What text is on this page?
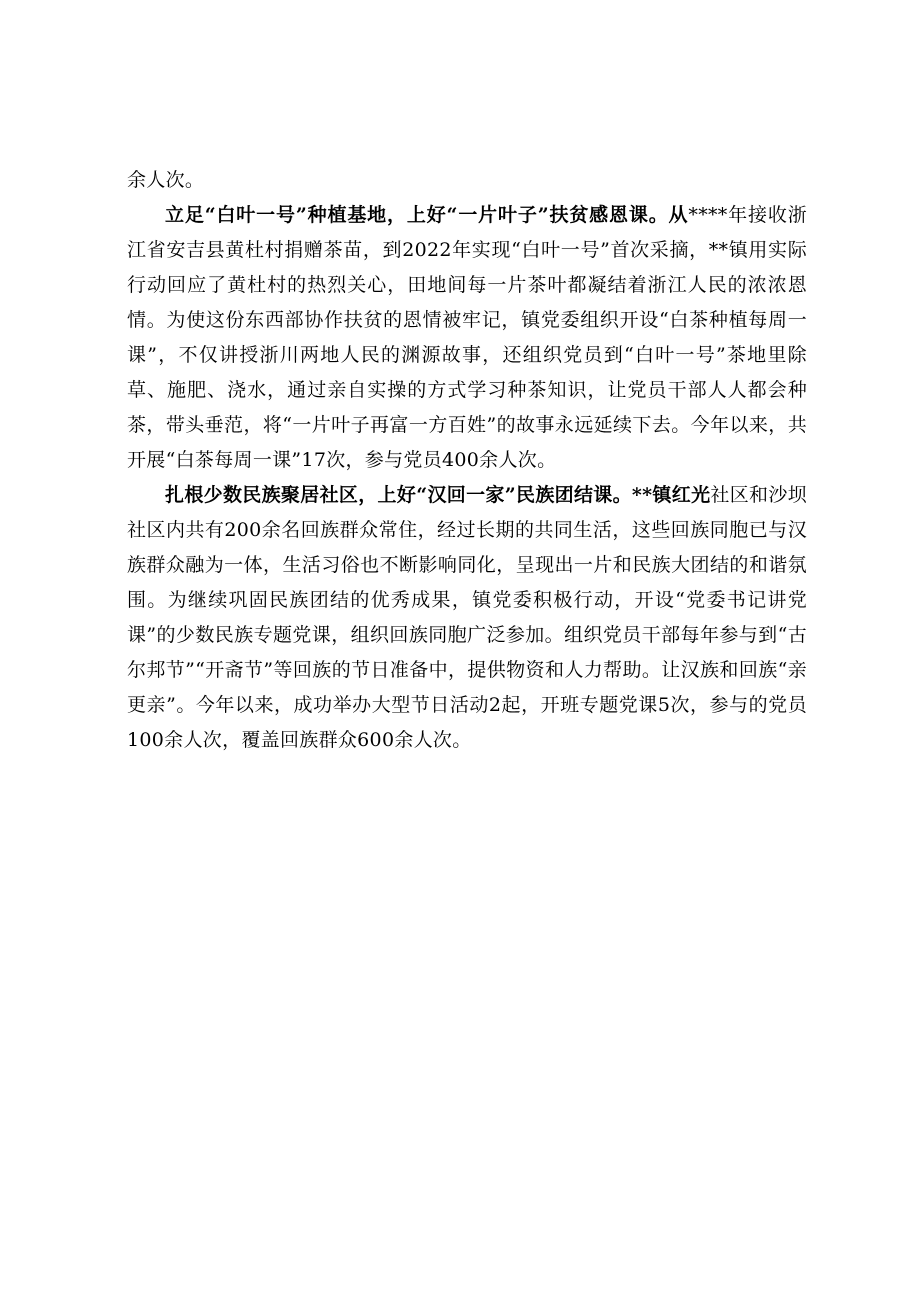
余人次。

立足“白叶一号”种植基地，上好“一片叶子”扶贫感恩课。从****年接收浙江省安吉县黄杜村捐赠茶苗，到2022年实现“白叶一号”首次采摘，**镇用实际行动回应了黄杜村的热烈关心，田地间每一片茶叶都凝结着浙江人民的浓浓恩情。为使这份东西部协作扶贫的恩情被牢记，镇党委组织开设“白茶种植每周一课”，不仅讲授浙川两地人民的渊源故事，还组织党员到“白叶一号”茶地里除草、施肥、浇水，通过亲自实操的方式学习种茶知识，让党员干部人人都会种茶，带头垂范，将“一片叶子再富一方百姓”的故事永远延续下去。今年以来，共开展“白茶每周一课”17次，参与党员400余人次。

扎根少数民族聚居社区，上好“汉回一家”民族团结课。**镇红光社区和沙坝社区内共有200余名回族群众常住，经过长期的共同生活，这些回族同胞已与汉族群众融为一体，生活习俗也不断影响同化，呈现出一片和民族大团结的和谐氛围。为继续巩固民族团结的优秀成果，镇党委积极行动，开设“党委书记讲党课”的少数民族专题党课，组织回族同胞广泛参加。组织党员干部每年参与到“古尔邦节”“开斋节”等回族的节日准备中，提供物资和人力帮助。让汉族和回族“亲更亲”。今年以来，成功举办大型节日活动2起，开班专题党课5次，参与的党员100余人次，覆盖回族群众600余人次。
